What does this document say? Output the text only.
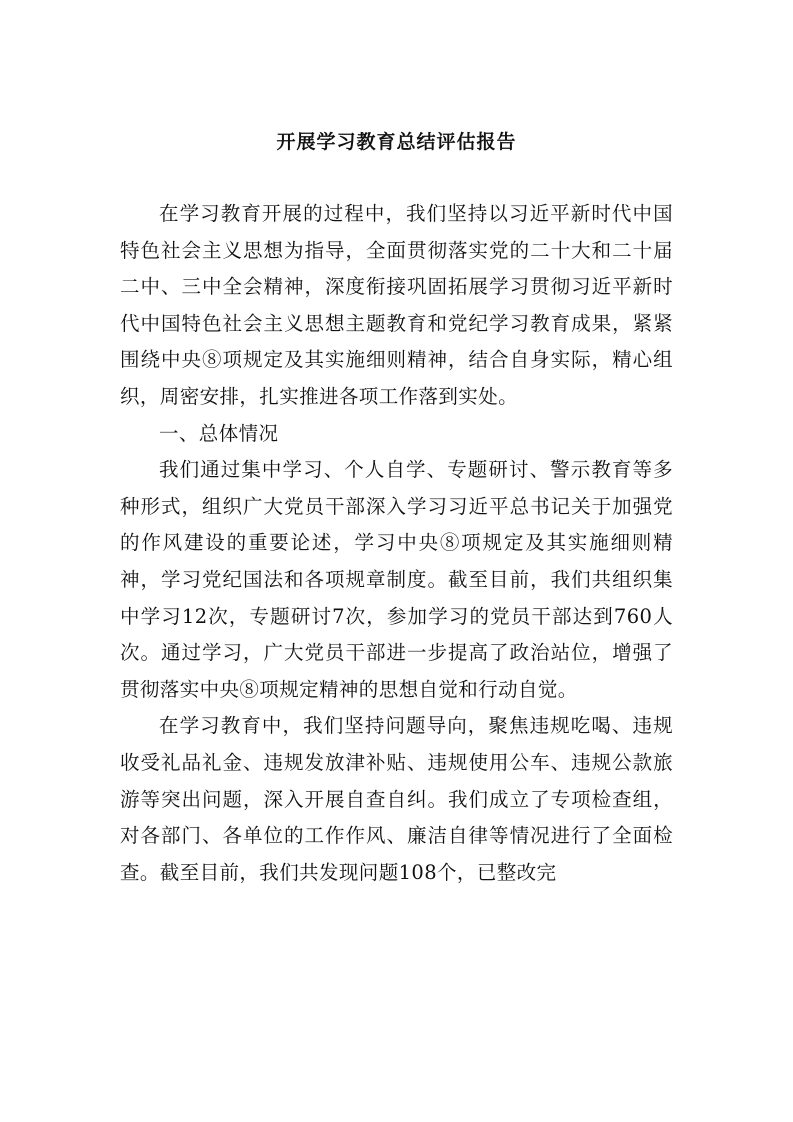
开展学习教育总结评估报告

在学习教育开展的过程中，我们坚持以习近平新时代中国特色社会主义思想为指导，全面贯彻落实党的二十大和二十届二中、三中全会精神，深度衔接巩固拓展学习贯彻习近平新时代中国特色社会主义思想主题教育和党纪学习教育成果，紧紧围绕中央⑧项规定及其实施细则精神，结合自身实际，精心组织，周密安排，扎实推进各项工作落到实处。

一、总体情况

我们通过集中学习、个人自学、专题研讨、警示教育等多种形式，组织广大党员干部深入学习习近平总书记关于加强党的作风建设的重要论述，学习中央⑧项规定及其实施细则精神，学习党纪国法和各项规章制度。截至目前，我们共组织集中学习12次，专题研讨7次，参加学习的党员干部达到760人次。通过学习，广大党员干部进一步提高了政治站位，增强了贯彻落实中央⑧项规定精神的思想自觉和行动自觉。

在学习教育中，我们坚持问题导向，聚焦违规吃喝、违规收受礼品礼金、违规发放津补贴、违规使用公车、违规公款旅游等突出问题，深入开展自查自纠。我们成立了专项检查组，对各部门、各单位的工作作风、廉洁自律等情况进行了全面检查。截至目前，我们共发现问题108个，已整改完
